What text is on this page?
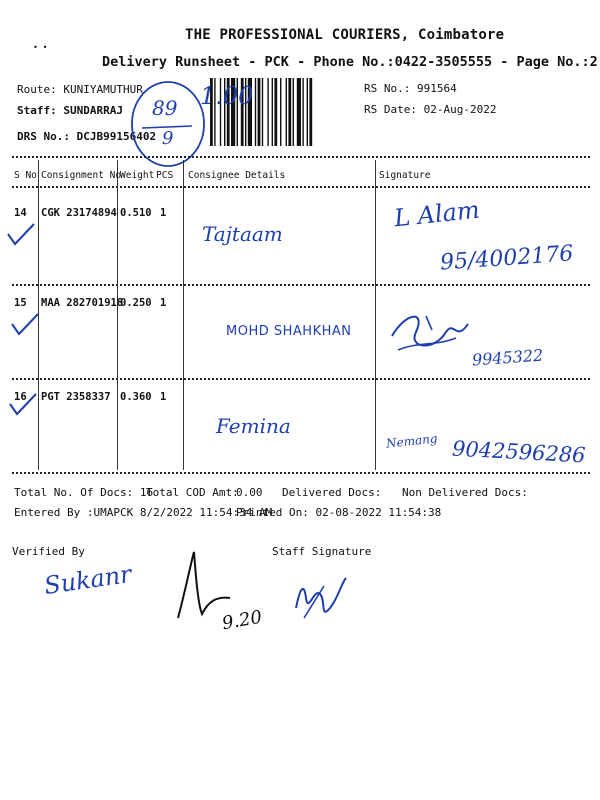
THE PROFESSIONAL COURIERS, Coimbatore
Delivery Runsheet - PCK - Phone No.:0422-3505555 - Page No.:2
• •
Route: KUNIYAMUTHUR
Staff: SUNDARRAJ
DRS No.: DCJB99156402
RS No.: 991564
RS Date: 02-Aug-2022
89
9
1.00
S No Consignment No
Weight PCS Consignee Details	Signature
14 CGK 23174894 0.510 1
Tajtaam
L Alam
95/4002176
15 MAA 282701918
0.250 1
MOHD SHAHKHAN
9945322
16 PGT 2358337 0.360 1
Femina
Nemang 9042596286
Total No. Of Docs: 16
Total COD Amt:
0.00 Delivered Docs: Non Delivered Docs:
Entered By :UMAPCK 8/2/2022 11:54:34 AM
Printed On: 02-08-2022 11:54:38
Verified By	Staff Signature
Sukanr
9.20
